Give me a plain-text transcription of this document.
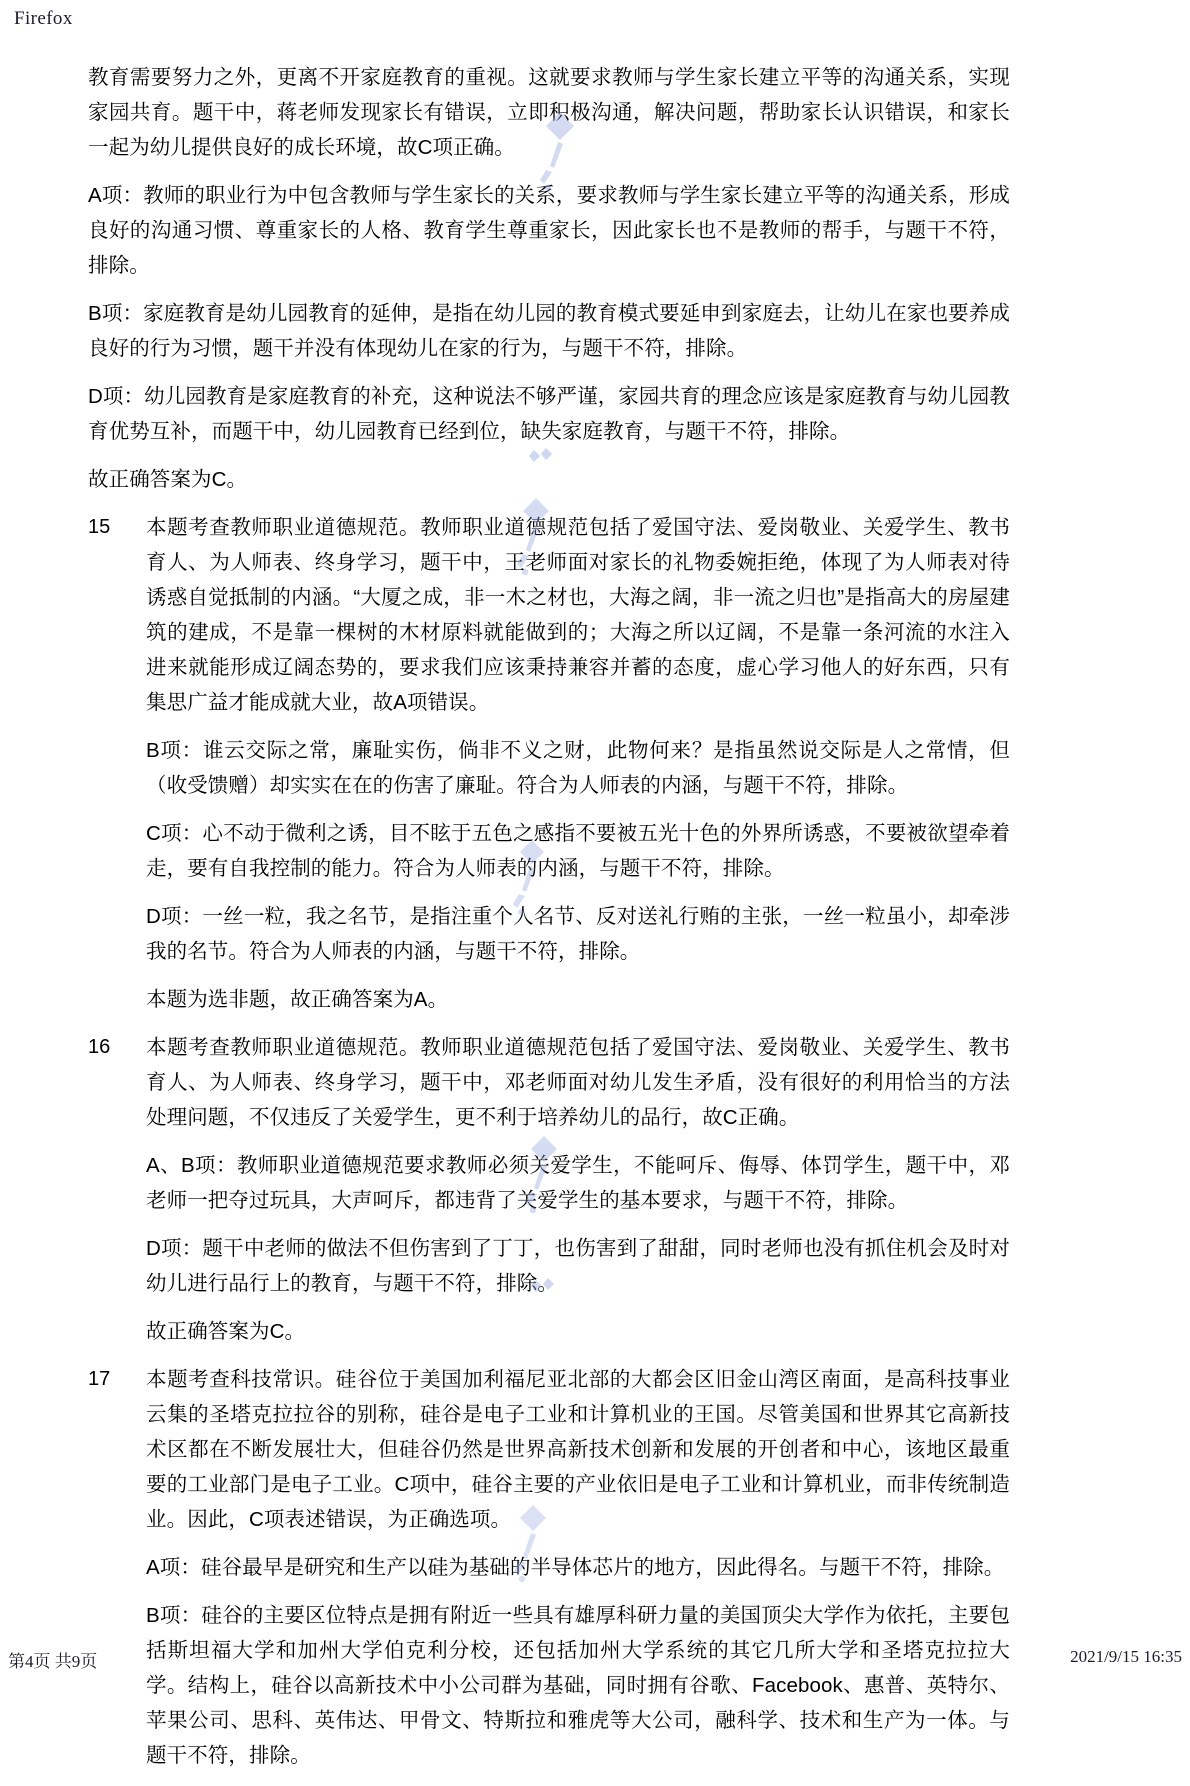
Firefox

教育需要努力之外，更离不开家庭教育的重视。这就要求教师与学生家长建立平等的沟通关系，实现家园共育。题干中，蒋老师发现家长有错误，立即积极沟通，解决问题，帮助家长认识错误，和家长一起为幼儿提供良好的成长环境，故C项正确。

A项：教师的职业行为中包含教师与学生家长的关系，要求教师与学生家长建立平等的沟通关系，形成良好的沟通习惯、尊重家长的人格、教育学生尊重家长，因此家长也不是教师的帮手，与题干不符，排除。

B项：家庭教育是幼儿园教育的延伸，是指在幼儿园的教育模式要延申到家庭去，让幼儿在家也要养成良好的行为习惯，题干并没有体现幼儿在家的行为，与题干不符，排除。

D项：幼儿园教育是家庭教育的补充，这种说法不够严谨，家园共育的理念应该是家庭教育与幼儿园教育优势互补，而题干中，幼儿园教育已经到位，缺失家庭教育，与题干不符，排除。

故正确答案为C。

15	本题考查教师职业道德规范。教师职业道德规范包括了爱国守法、爱岗敬业、关爱学生、教书育人、为人师表、终身学习，题干中，王老师面对家长的礼物委婉拒绝，体现了为人师表对待诱惑自觉抵制的内涵。“大厦之成，非一木之材也，大海之阔，非一流之归也”是指高大的房屋建筑的建成，不是靠一棵树的木材原料就能做到的；大海之所以辽阔，不是靠一条河流的水注入进来就能形成辽阔态势的，要求我们应该秉持兼容并蓄的态度，虚心学习他人的好东西，只有集思广益才能成就大业，故A项错误。

B项：谁云交际之常，廉耻实伤，倘非不义之财，此物何来？是指虽然说交际是人之常情，但（收受馈赠）却实实在在的伤害了廉耻。符合为人师表的内涵，与题干不符，排除。

C项：心不动于微利之诱，目不眩于五色之感指不要被五光十色的外界所诱惑，不要被欲望牵着走，要有自我控制的能力。符合为人师表的内涵，与题干不符，排除。

D项：一丝一粒，我之名节，是指注重个人名节、反对送礼行贿的主张，一丝一粒虽小，却牵涉我的名节。符合为人师表的内涵，与题干不符，排除。

本题为选非题，故正确答案为A。

16	本题考查教师职业道德规范。教师职业道德规范包括了爱国守法、爱岗敬业、关爱学生、教书育人、为人师表、终身学习，题干中，邓老师面对幼儿发生矛盾，没有很好的利用恰当的方法处理问题，不仅违反了关爱学生，更不利于培养幼儿的品行，故C正确。

A、B项：教师职业道德规范要求教师必须关爱学生，不能呵斥、侮辱、体罚学生，题干中，邓老师一把夺过玩具，大声呵斥，都违背了关爱学生的基本要求，与题干不符，排除。

D项：题干中老师的做法不但伤害到了丁丁，也伤害到了甜甜，同时老师也没有抓住机会及时对幼儿进行品行上的教育，与题干不符，排除。

故正确答案为C。

17	本题考查科技常识。硅谷位于美国加利福尼亚北部的大都会区旧金山湾区南面，是高科技事业云集的圣塔克拉拉谷的别称，硅谷是电子工业和计算机业的王国。尽管美国和世界其它高新技术区都在不断发展壮大，但硅谷仍然是世界高新技术创新和发展的开创者和中心，该地区最重要的工业部门是电子工业。C项中，硅谷主要的产业依旧是电子工业和计算机业，而非传统制造业。因此，C项表述错误，为正确选项。

A项：硅谷最早是研究和生产以硅为基础的半导体芯片的地方，因此得名。与题干不符，排除。

B项：硅谷的主要区位特点是拥有附近一些具有雄厚科研力量的美国顶尖大学作为依托，主要包括斯坦福大学和加州大学伯克利分校，还包括加州大学系统的其它几所大学和圣塔克拉拉大学。结构上，硅谷以高新技术中小公司群为基础，同时拥有谷歌、Facebook、惠普、英特尔、苹果公司、思科、英伟达、甲骨文、特斯拉和雅虎等大公司，融科学、技术和生产为一体。与题干不符，排除。

第4页 共9页	2021/9/15 16:35
